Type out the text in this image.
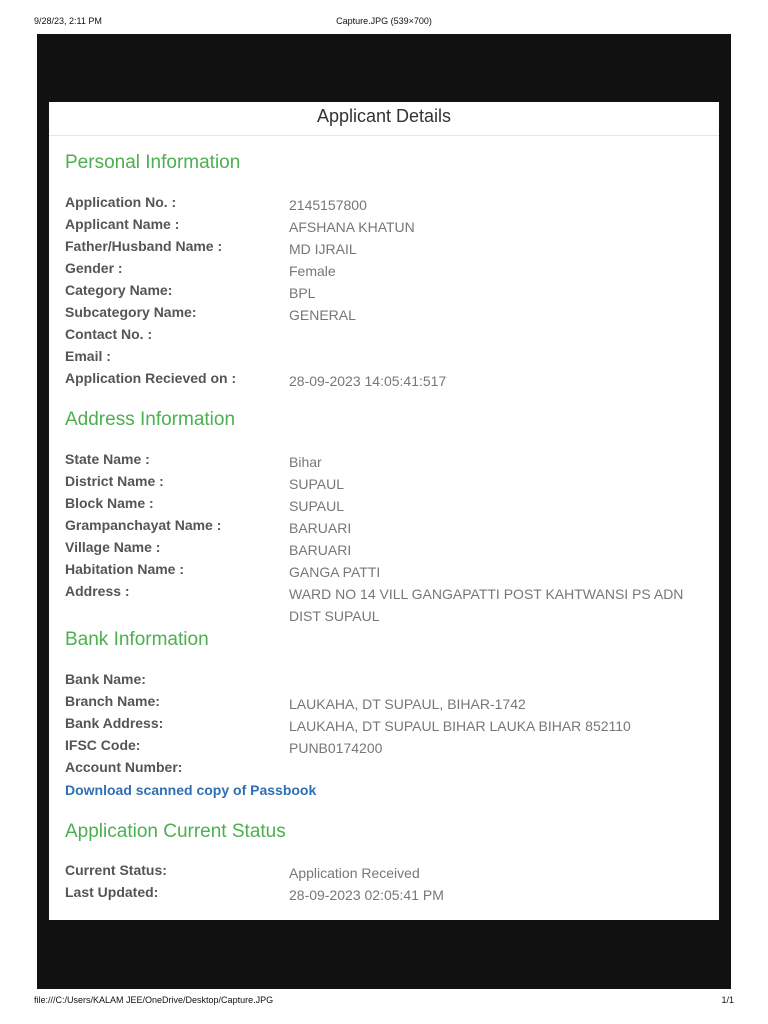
9/28/23, 2:11 PM	Capture.JPG (539×700)
Applicant Details
Personal Information
Application No. :	2145157800
Applicant Name :	AFSHANA KHATUN
Father/Husband Name :	MD IJRAIL
Gender :	Female
Category Name:	BPL
Subcategory Name:	GENERAL
Contact No. :
Email :
Application Recieved on :	28-09-2023 14:05:41:517
Address Information
State Name :	Bihar
District Name :	SUPAUL
Block Name :	SUPAUL
Grampanchayat Name :	BARUARI
Village Name :	BARUARI
Habitation Name :	GANGA PATTI
Address :	WARD NO 14 VILL GANGAPATTI POST KAHTWANSI PS ADN DIST SUPAUL
Bank Information
Bank Name:
Branch Name:	LAUKAHA, DT SUPAUL, BIHAR-1742
Bank Address:	LAUKAHA, DT SUPAUL BIHAR LAUKA BIHAR 852110
IFSC Code:	PUNB0174200
Account Number:
Download scanned copy of Passbook
Application Current Status
Current Status:	Application Received
Last Updated:	28-09-2023 02:05:41 PM
file:///C:/Users/KALAM JEE/OneDrive/Desktop/Capture.JPG	1/1
